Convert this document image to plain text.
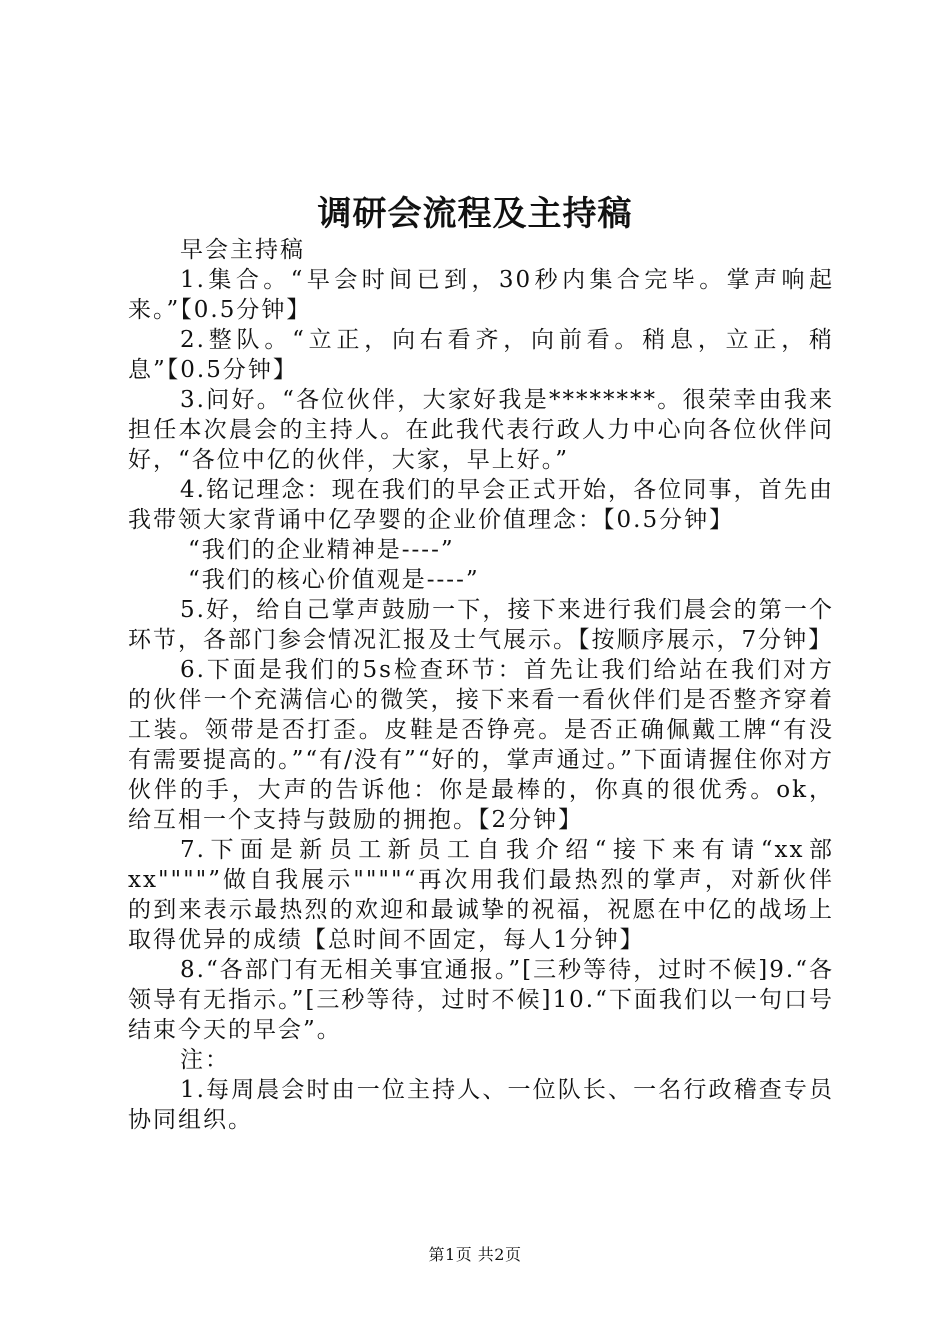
调研会流程及主持稿

早会主持稿

1.集合。“早会时间已到，30秒内集合完毕。掌声响起来。”【0.5分钟】

2.整队。“立正，向右看齐，向前看。稍息，立正，稍息”【0.5分钟】

3.问好。“各位伙伴，大家好我是********。很荣幸由我来担任本次晨会的主持人。在此我代表行政人力中心向各位伙伴问好，“各位中亿的伙伴，大家，早上好。”

4.铭记理念：现在我们的早会正式开始，各位同事，首先由我带领大家背诵中亿孕婴的企业价值理念：【0.5分钟】

“我们的企业精神是----”

“我们的核心价值观是----”

5.好，给自己掌声鼓励一下，接下来进行我们晨会的第一个环节，各部门参会情况汇报及士气展示。【按顺序展示，7分钟】

6.下面是我们的5s检查环节：首先让我们给站在我们对方的伙伴一个充满信心的微笑，接下来看一看伙伴们是否整齐穿着工装。领带是否打歪。皮鞋是否铮亮。是否正确佩戴工牌“有没有需要提高的。”“有/没有”“好的，掌声通过。”下面请握住你对方伙伴的手，大声的告诉他：你是最棒的，你真的很优秀。ok，给互相一个支持与鼓励的拥抱。【2分钟】

7.下面是新员工新员工自我介绍“接下来有请“xx部xx""""”做自我展示""""“再次用我们最热烈的掌声，对新伙伴的到来表示最热烈的欢迎和最诚挚的祝福，祝愿在中亿的战场上取得优异的成绩【总时间不固定，每人1分钟】

8.“各部门有无相关事宜通报。”[三秒等待，过时不候]9.“各领导有无指示。”[三秒等待，过时不候]10.“下面我们以一句口号结束今天的早会”。

注：

1.每周晨会时由一位主持人、一位队长、一名行政稽查专员协同组织。

第1页 共2页
